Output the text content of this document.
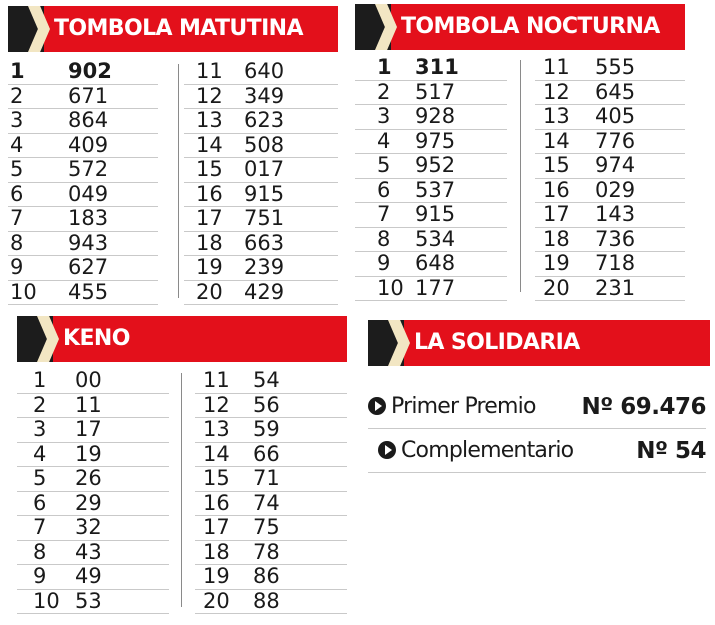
TOMBOLA MATUTINA
1 902
2 671
3 864
4 409
5 572
6 049
7 183
8 943
9 627
10 455
11 640
12 349
13 623
14 508
15 017
16 915
17 751
18 663
19 239
20 429
TOMBOLA NOCTURNA
1 311
2 517
3 928
4 975
5 952
6 537
7 915
8 534
9 648
10 177
11 555
12 645
13 405
14 776
15 974
16 029
17 143
18 736
19 718
20 231
KENO
1 00
2 11
3 17
4 19
5 26
6 29
7 32
8 43
9 49
10 53
11 54
12 56
13 59
14 66
15 71
16 74
17 75
18 78
19 86
20 88
LA SOLIDARIA
Primer Premio Nº 69.476
Complementario	Nº 54
